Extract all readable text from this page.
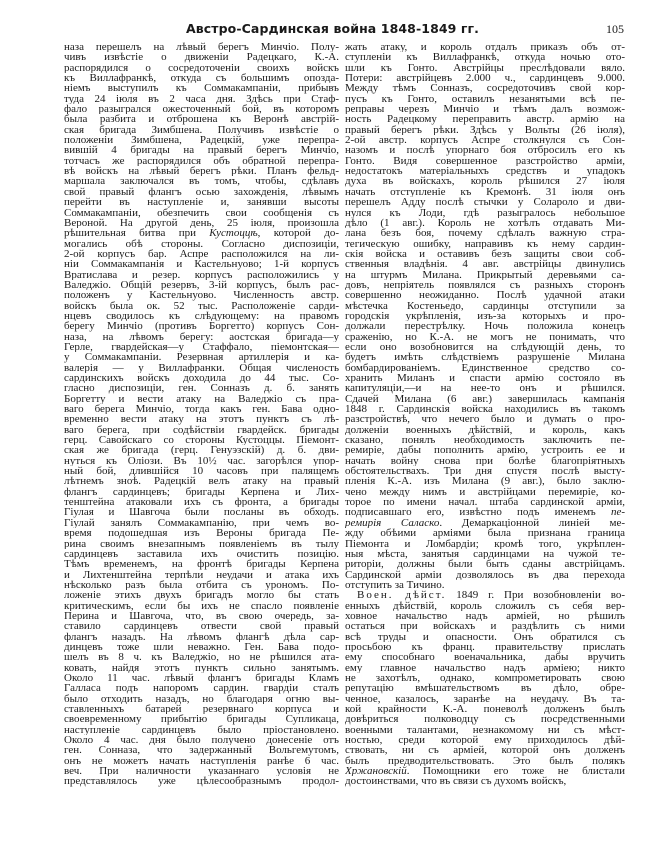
Австро-Сардинская война 1848-1849 гг.	105
наза перешелъ на лѣвый берегъ Минчіо. Полу-
чивъ извѣстіе о движеніи Радецкаго, К.-А.
распорядился о сосредоточеніи своихъ войскъ
къ Виллафранкѣ, откуда съ большимъ опозда-
ніемъ выступилъ къ Соммакампаніи, прибывъ
туда 24 іюля въ 2 часа дня. Здѣсь при Стаф-
фало разыгрался ожесточенный бой, въ которомъ
была разбита и отброшена къ Веронѣ австрій-
ская бригада Зимбшена. Получивъ извѣстіе о
положеніи Зимбшена, Радецкій, уже перепра-
вившій 4 бригады на правый берегъ Минчіо,
тотчасъ же распорядился объ обратной перепра-
вѣ войскъ на лѣвый берегъ рѣки. Планъ фельд-
маршала заключался въ томъ, чтобы, сдѣлавъ
свой правый флангъ осью захожденія, лѣвымъ
перейти въ наступленіе и, занявши высоты
Соммакампаніи, обезпечить свои сообщенія съ
Вероной. На другой день, 25 іюля, произошла
рѣшительная битва при Кустоццѣ, которой до-
могались обѣ стороны. Согласно диспозиціи,
2-ой корпусъ бар. Аспре расположился на ли-
ніи Соммакампанія и Кастельнуово; 1-й корпусъ
Вратислава и резер. корпусъ расположились у
Валеджіо. Общій резервъ, 3-ій корпусъ, былъ рас-
положенъ у Кастельнуово. Численность австр.
войскъ была ок. 52 тыс. Расположеніе сарди-
нцевъ сводилось къ слѣдующему: на правомъ
берегу Минчіо (противъ Боргетто) корпусъ Сон-
наза, на лѣвомъ берегу: аостская бригада—у
Герле, гвардейская—у Стаффало, піемонтская—
у Соммакампаніи. Резервная артиллерія и ка-
валерія — у Виллафранки. Общая численость
сардинскихъ войскъ доходила до 44 тыс. Со-
гласно диспозиціи, ген. Сонназъ д. б. занять
Боргетту и вести атаку на Валеджіо съ пра-
ваго берега Минчіо, тогда какъ ген. Бава одно-
временно вести атаку на этотъ пунктъ съ лѣ-
ваго берега, при содѣйствіи гвардейск. бригады
герц. Савойскаго со стороны Кустоццы. Піемонт-
ская же бригада (герц. Генуэзскій) д. б. дви-
нуться къ Оліози. Въ 10½ час. загорѣлся упор-
ный бой, длившійся 10 часовъ при палящемъ
лѣтнемъ знoѣ. Радецкій велъ атаку на правый
флангъ сардинцевъ; бригады Керпена и Лих-
тенштейна атаковали ихъ съ фронта, а бригады
Гіулая и Шавгоча были посланы въ обходъ.
Гіулай занялъ Соммакампанію, при чемъ во-
время подошедшая изъ Вероны бригада Пе-
рина своимъ внезапнымъ появленіемъ въ тылу
сардинцевъ заставила ихъ очистить позицію.
Тѣмъ временемъ, на фронтѣ бригады Керпена
и Лихтенштейна терпѣли неудачи и атака ихъ
нѣсколько разъ была отбита съ урономъ. По-
ложеніе этихъ двухъ бригадъ могло бы стать
критическимъ, если бы ихъ не спасло появленіе
Перина и Шавгоча, что, въ свою очередь, за-
ставило сардинцевъ отвести свой правый
флангъ назадъ. На лѣвомъ флангѣ дѣла сар-
динцевъ тоже шли неважно. Ген. Бава подо-
шелъ въ 8 ч. къ Валеджіо, но не рѣшился ата-
ковать, найдя этотъ пунктъ сильно занятымъ.
Около 11 час. лѣвый флангъ бригады Кламъ
Галласа подъ напоромъ сардин. гвардіи сталъ
было отходить назадъ, но благодаря огню вы-
ставленныхъ батарей резервнаго корпуса и
своевременному прибытію бригады Супликаца,
наступленіе сардинцевъ было пріостановлено.
Около 4 час. дня было получено донесеніе отъ
ген. Сонназа, что задержанный Вольгемутомъ,
онъ не можетъ начать наступленія ранѣе 6 час.
веч. При наличности указаннаго условія не
представлялось уже цѣлесообразнымъ продол-
жать атаку, и король отдалъ приказъ объ от-
ступленіи къ Виллафранкѣ, откуда ночью ото-
шли къ Гонто. Австрійцы преслѣдовали вяло.
Потери: австрійцевъ 2.000 ч., сардинцевъ 9.000.
Между тѣмъ Сонназъ, сосредоточивъ свой кор-
пусъ къ Гонто, оставилъ незанятыми всѣ пе-
реправы черезъ Минчіо и тѣмъ далъ возмож-
ность Радецкому переправить австр. армію на
правый берегъ рѣки. Здѣсь у Вольты (26 іюля),
2-ой австр. корпусъ Аспре столкнулся съ Сон-
назомъ и послѣ упорнаго боя отбросилъ его къ
Гонто. Видя совершенное разстройство арміи,
недостатокъ матеріальныхъ средствъ и упадокъ
духа въ войскахъ, король рѣшился 27 іюля
начать отступленіе къ Кремонѣ. 31 іюля онъ
перешелъ Адду послѣ стычки у Солароло и дви-
нулся къ Лоди, гдѣ разыгралось небольшое
дѣло (1 авг.). Король не хотѣлъ отдавать Ми-
лана безъ боя, почему сдѣлалъ важную стра-
тегическую ошибку, направивъ къ нему сардин-
скія войска и оставивъ безъ защиты свои соб-
ственныя владѣнія. 4 авг. австрійцы двинулись
на штурмъ Милана. Прикрытый деревьями са-
довъ, непріятель появлялся съ разныхъ сторонъ
совершенно неожиданно. Послѣ удачной атаки
мѣстечка Костеньедо, сардинцы отступили за
городскія укрѣпленія, изъ-за которыхъ и про-
должали перестрѣлку. Ночь положила конецъ
сраженію, но К.-А. не могъ не понимать, что
если оно возобновится на слѣдующій день, то
будетъ имѣть слѣдствіемъ разрушеніе Милана
бомбардированіемъ. Единственное средство со-
хранить Миланъ и спасти армію состояло въ
капитуляціи,—и на нее-то онъ и рѣшился.
Сдачей Милана (6 авг.) завершилась кампанія
1848 г. Сардинскія войска находились въ такомъ
разстройствѣ, что нечего было и думать о про-
долженіи военныхъ дѣйствій, и король, какъ
сказано, понялъ необходимость заключить пе-
ремиріе, дабы пополнить армію, устроить ее и
начать войну снова при болѣе благопріятныхъ
обстоятельствахъ. Три дня спустя послѣ высту-
пленія К.-А. изъ Милана (9 авг.), было заклю-
чено между нимъ и австрійцами перемиріе, ко-
торое по имени начал. штаба сардинской арміи,
подписавшаго его, извѣстно подъ именемъ пе-
ремирія Саласко. Демаркаціонной линіей ме-
жду обѣими арміями была признана граница
Піемонта и Ломбардіи; кромѣ того, укрѣплен-
ныя мѣста, занятыя сардинцами на чужой те-
риторіи, должны были быть сданы австрійцамъ.
Сардинской арміи дозволялось въ два перехода
отступить за Тичино.
Воен. дѣйст. 1849 г. При возобновленіи во-
енныхъ дѣйствій, король сложилъ съ себя вер-
ховное начальство надъ арміей, но рѣшилъ
остаться при войскахъ и раздѣлить съ ними
всѣ труды и опасности. Онъ обратился съ
просьбою къ франц. правительству прислать
ему способнаго военачальника, дабы вручить
ему главное начальство надъ арміею; никто
не захотѣлъ, однако, компрометировать свою
репутацію вмѣшательствомъ въ дѣло, обре-
ченное, казалось, заранѣе на неудачу. Въ та-
кой крайности К.-А. поневолѣ долженъ былъ
довѣриться полководцу съ посредственными
военными талантами, незнакомому ни съ мѣст-
ностью, среди которой ему приходилось дѣй-
ствовать, ни съ арміей, которой онъ долженъ
былъ предводительствовать. Это былъ полякъ
Хржановскій. Помощники его тоже не блистали
достоинствами, что въ связи съ духомъ войскъ,
